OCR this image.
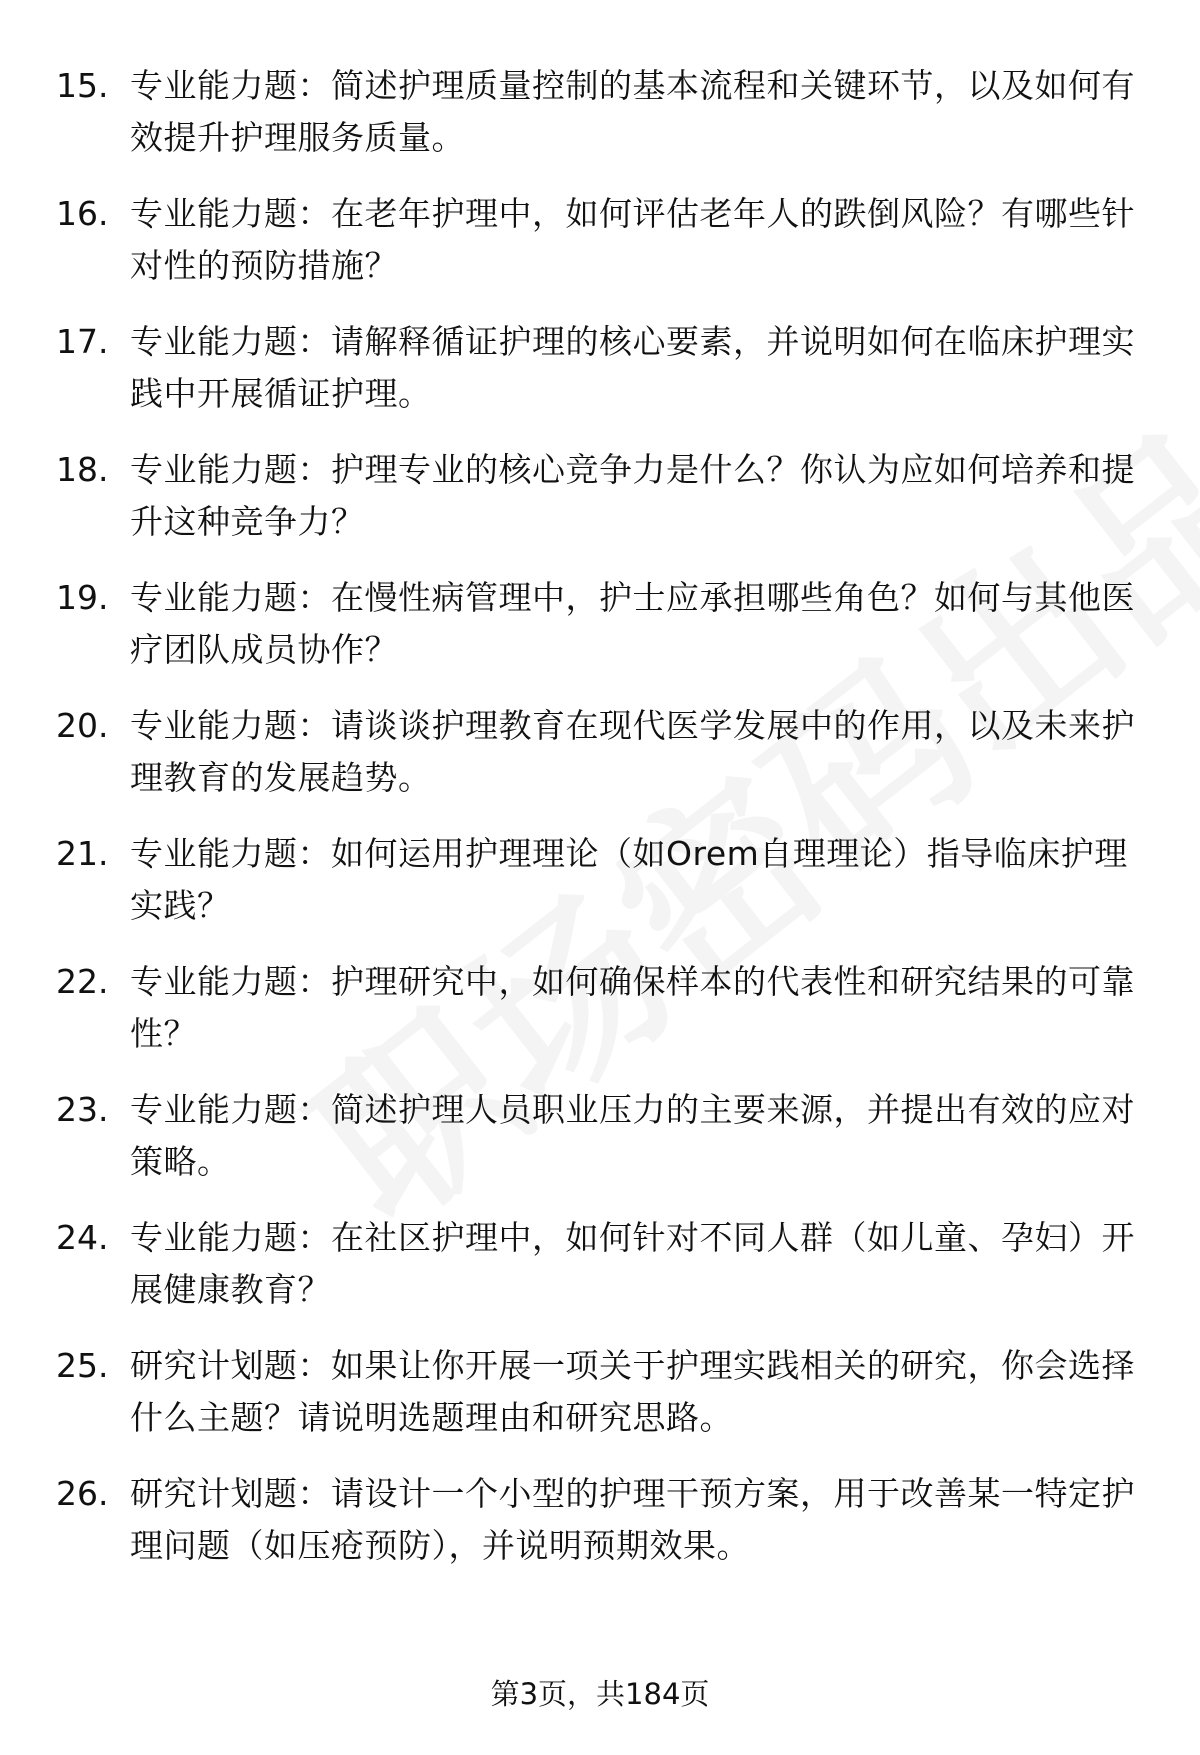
15. 专业能力题：简述护理质量控制的基本流程和关键环节，以及如何有效提升护理服务质量。
16. 专业能力题：在老年护理中，如何评估老年人的跌倒风险？有哪些针对性的预防措施？
17. 专业能力题：请解释循证护理的核心要素，并说明如何在临床护理实践中开展循证护理。
18. 专业能力题：护理专业的核心竞争力是什么？你认为应如何培养和提升这种竞争力？
19. 专业能力题：在慢性病管理中，护士应承担哪些角色？如何与其他医疗团队成员协作？
20. 专业能力题：请谈谈护理教育在现代医学发展中的作用，以及未来护理教育的发展趋势。
21. 专业能力题：如何运用护理理论（如Orem自理理论）指导临床护理实践？
22. 专业能力题：护理研究中，如何确保样本的代表性和研究结果的可靠性？
23. 专业能力题：简述护理人员职业压力的主要来源，并提出有效的应对策略。
24. 专业能力题：在社区护理中，如何针对不同人群（如儿童、孕妇）开展健康教育？
25. 研究计划题：如果让你开展一项关于护理实践相关的研究，你会选择什么主题？请说明选题理由和研究思路。
26. 研究计划题：请设计一个小型的护理干预方案，用于改善某一特定护理问题（如压疮预防），并说明预期效果。
第3页，共184页
